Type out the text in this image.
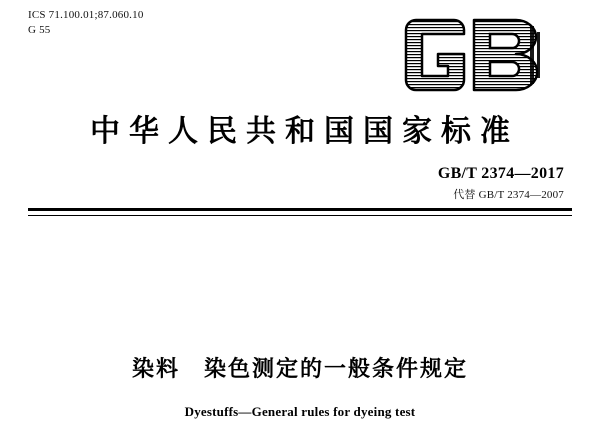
ICS 71.100.01;87.060.10
G 55
中华人民共和国国家标准
GB/T 2374—2017
代替 GB/T 2374—2007
染料　染色测定的一般条件规定
Dyestuffs—General rules for dyeing test
